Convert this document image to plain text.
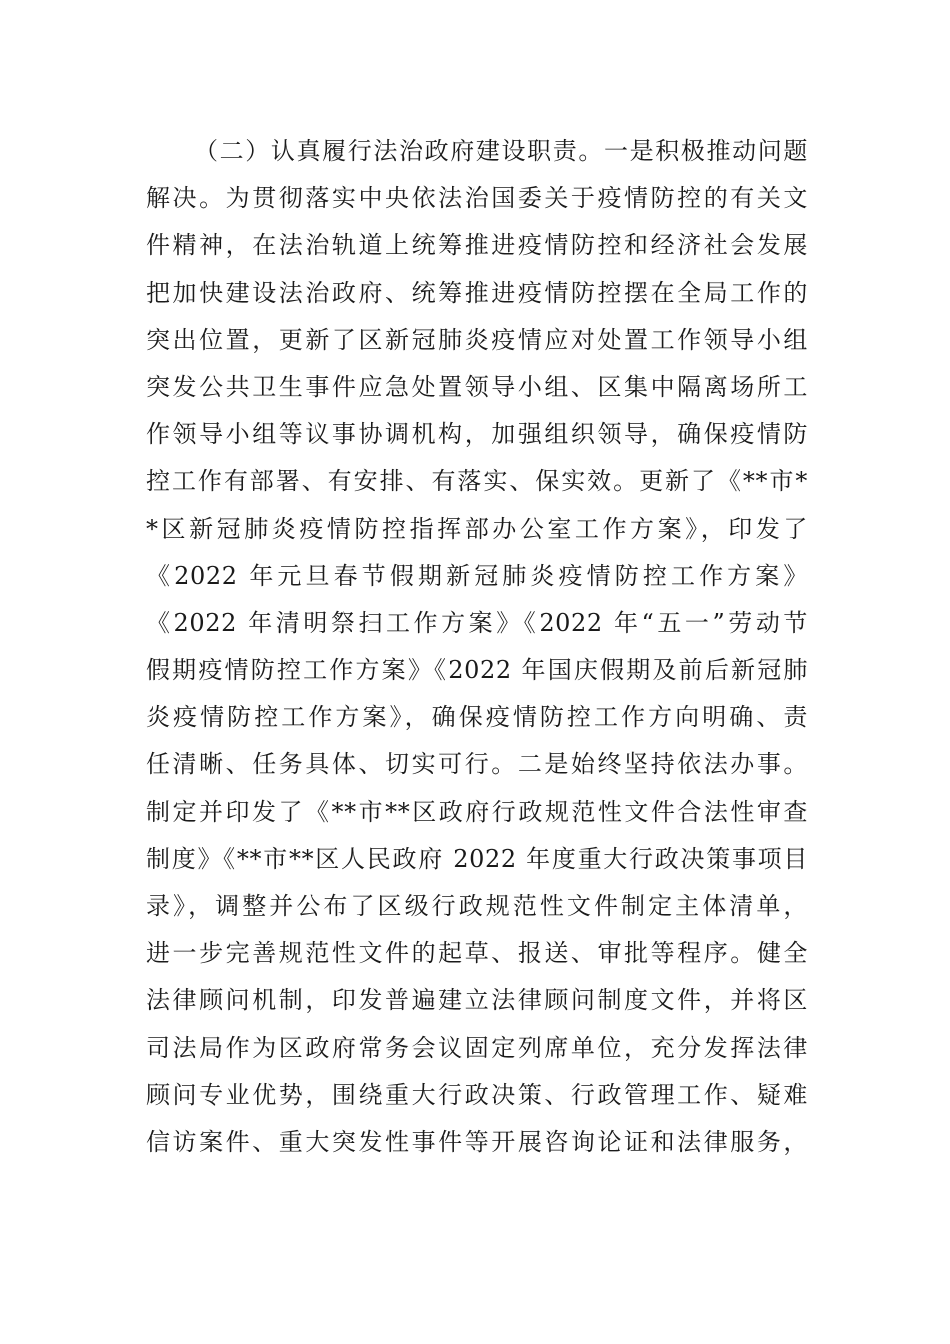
（二）认真履行法治政府建设职责。一是积极推动问题
解决。为贯彻落实中央依法治国委关于疫情防控的有关文
件精神，在法治轨道上统筹推进疫情防控和经济社会发展
把加快建设法治政府、统筹推进疫情防控摆在全局工作的
突出位置，更新了区新冠肺炎疫情应对处置工作领导小组
突发公共卫生事件应急处置领导小组、区集中隔离场所工
作领导小组等议事协调机构，加强组织领导，确保疫情防
控工作有部署、有安排、有落实、保实效。更新了《**市*
*区新冠肺炎疫情防控指挥部办公室工作方案》，印发了
《2022 年元旦春节假期新冠肺炎疫情防控工作方案》
《2022 年清明祭扫工作方案》《2022 年“五一”劳动节
假期疫情防控工作方案》《2022 年国庆假期及前后新冠肺
炎疫情防控工作方案》，确保疫情防控工作方向明确、责
任清晰、任务具体、切实可行。二是始终坚持依法办事。
制定并印发了《**市**区政府行政规范性文件合法性审查
制度》《**市**区人民政府 2022 年度重大行政决策事项目
录》，调整并公布了区级行政规范性文件制定主体清单，
进一步完善规范性文件的起草、报送、审批等程序。健全
法律顾问机制，印发普遍建立法律顾问制度文件，并将区
司法局作为区政府常务会议固定列席单位，充分发挥法律
顾问专业优势，围绕重大行政决策、行政管理工作、疑难
信访案件、重大突发性事件等开展咨询论证和法律服务，
